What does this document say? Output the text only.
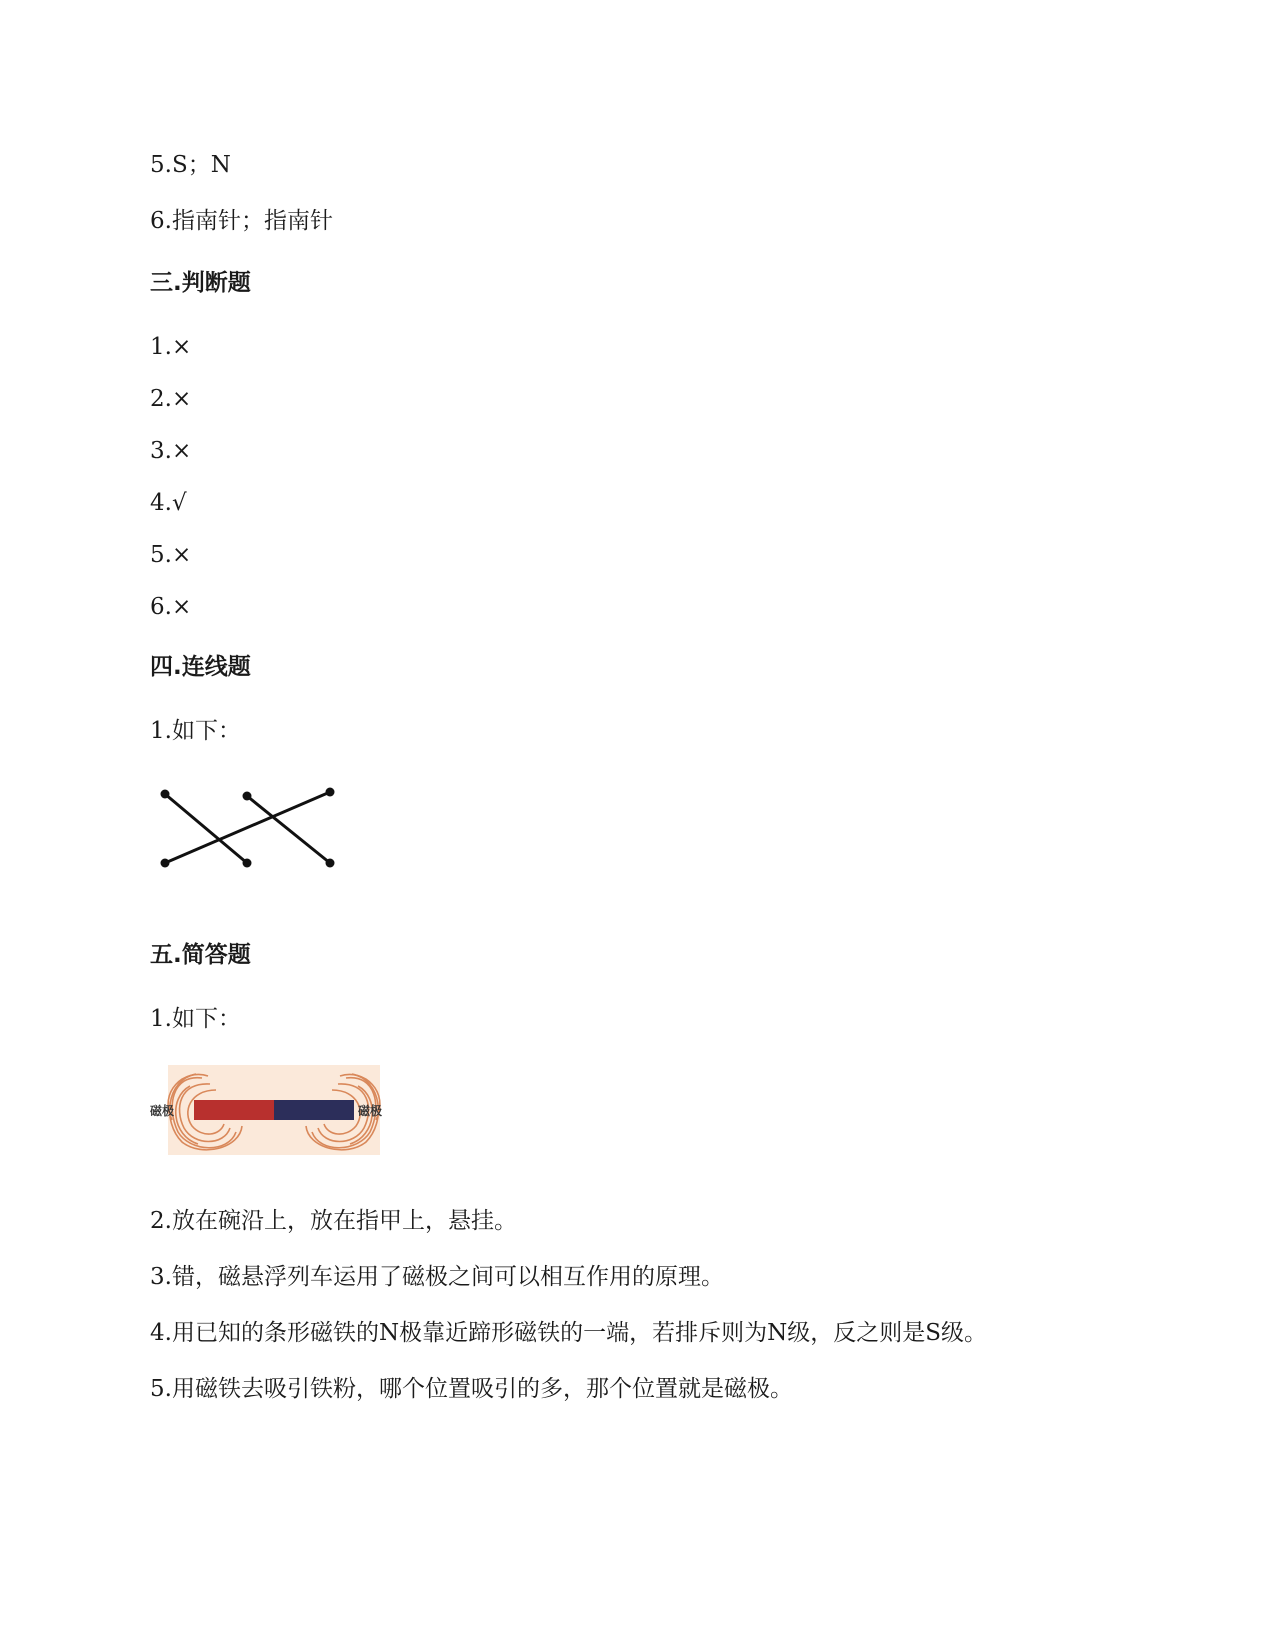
5.S；N
6.指南针；指南针
三.判断题
1.×
2.×
3.×
4.√
5.×
6.×
四.连线题
1.如下：
五.简答题
1.如下：
磁极	磁极
2.放在碗沿上，放在指甲上，悬挂。
3.错，磁悬浮列车运用了磁极之间可以相互作用的原理。
4.用已知的条形磁铁的N极靠近蹄形磁铁的一端，若排斥则为N级，反之则是S级。
5.用磁铁去吸引铁粉，哪个位置吸引的多，那个位置就是磁极。
